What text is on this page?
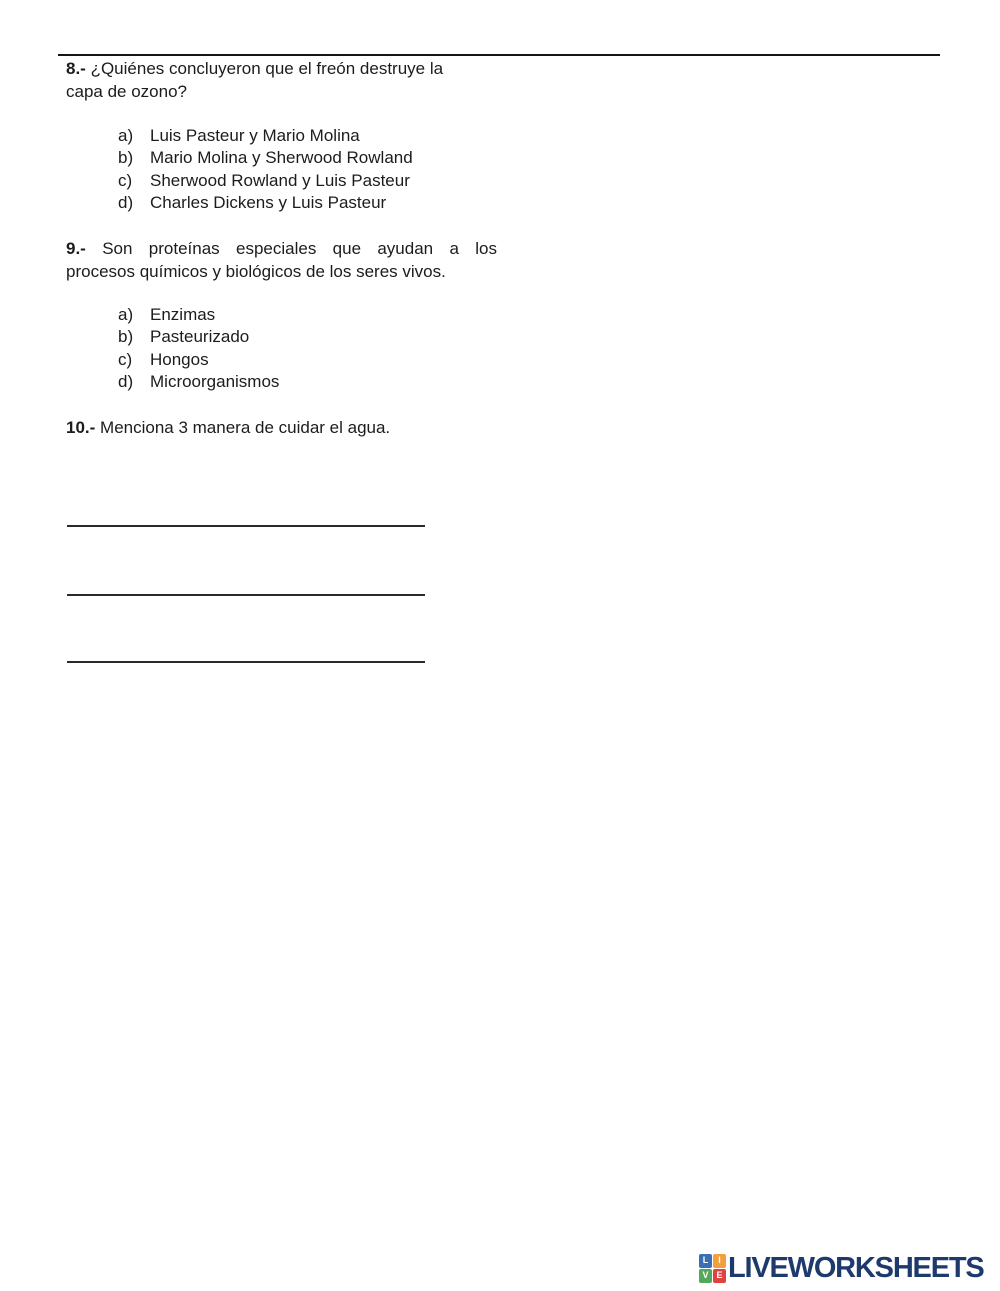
8.- ¿Quiénes concluyeron que el freón destruye la
capa de ozono?
a) Luis Pasteur y Mario Molina
b) Mario Molina y Sherwood Rowland
c)	Sherwood Rowland y Luis Pasteur
d) Charles Dickens y Luis Pasteur
9.- Son proteínas especiales que ayudan a los
procesos químicos y biológicos de los seres vivos.
a) Enzimas
b) Pasteurizado
c)	Hongos
d) Microorganismos
10.- Menciona 3 manera de cuidar el agua.
L	I
V E LIVEWORKSHEETS
